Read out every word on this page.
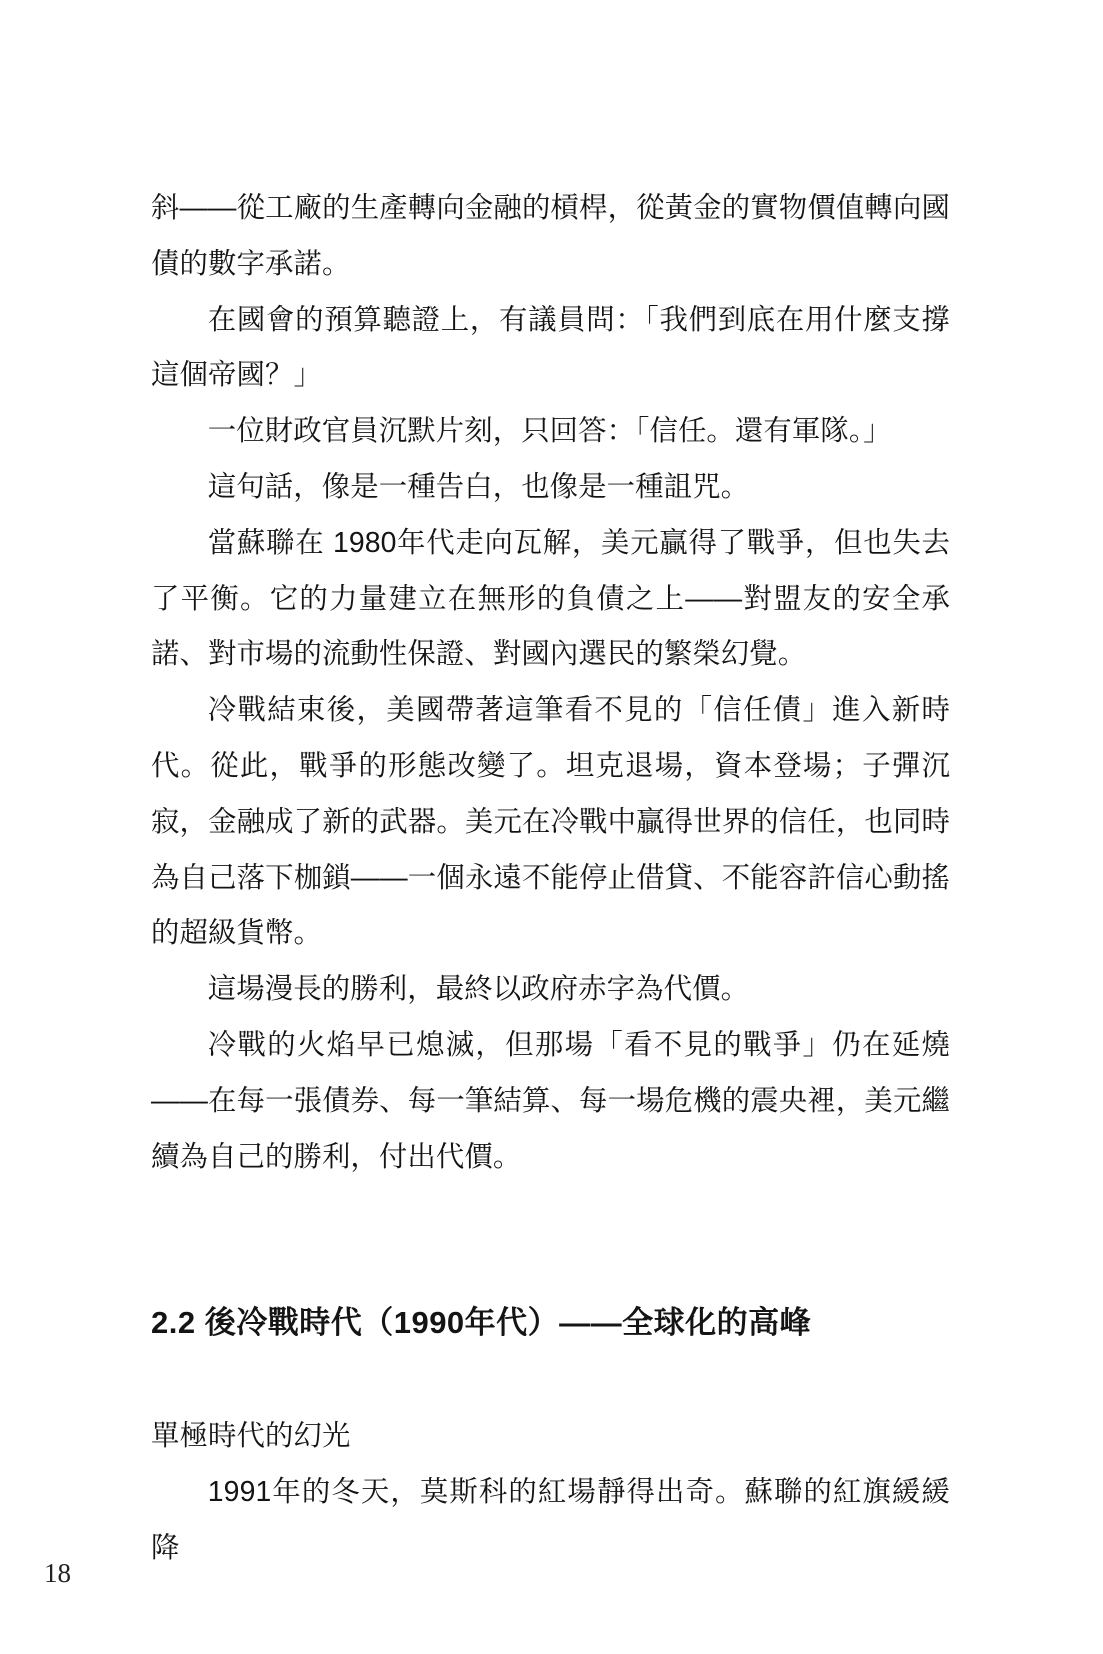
斜——從工廠的生產轉向金融的槓桿，從黃金的實物價值轉向國債的數字承諾。

在國會的預算聽證上，有議員問：「我們到底在用什麼支撐這個帝國？」

一位財政官員沉默片刻，只回答：「信任。還有軍隊。」

這句話，像是一種告白，也像是一種詛咒。

當蘇聯在 1980年代走向瓦解，美元贏得了戰爭，但也失去了平衡。它的力量建立在無形的負債之上——對盟友的安全承諾、對市場的流動性保證、對國內選民的繁榮幻覺。

冷戰結束後，美國帶著這筆看不見的「信任債」進入新時代。從此，戰爭的形態改變了。坦克退場，資本登場；子彈沉寂，金融成了新的武器。美元在冷戰中贏得世界的信任，也同時為自己落下枷鎖——一個永遠不能停止借貸、不能容許信心動搖的超級貨幣。

這場漫長的勝利，最終以政府赤字為代價。

冷戰的火焰早已熄滅，但那場「看不見的戰爭」仍在延燒——在每一張債券、每一筆結算、每一場危機的震央裡，美元繼續為自己的勝利，付出代價。

2.2 後冷戰時代（1990年代）——全球化的高峰
單極時代的幻光

1991年的冬天，莫斯科的紅場靜得出奇。蘇聯的紅旗緩緩降

18
